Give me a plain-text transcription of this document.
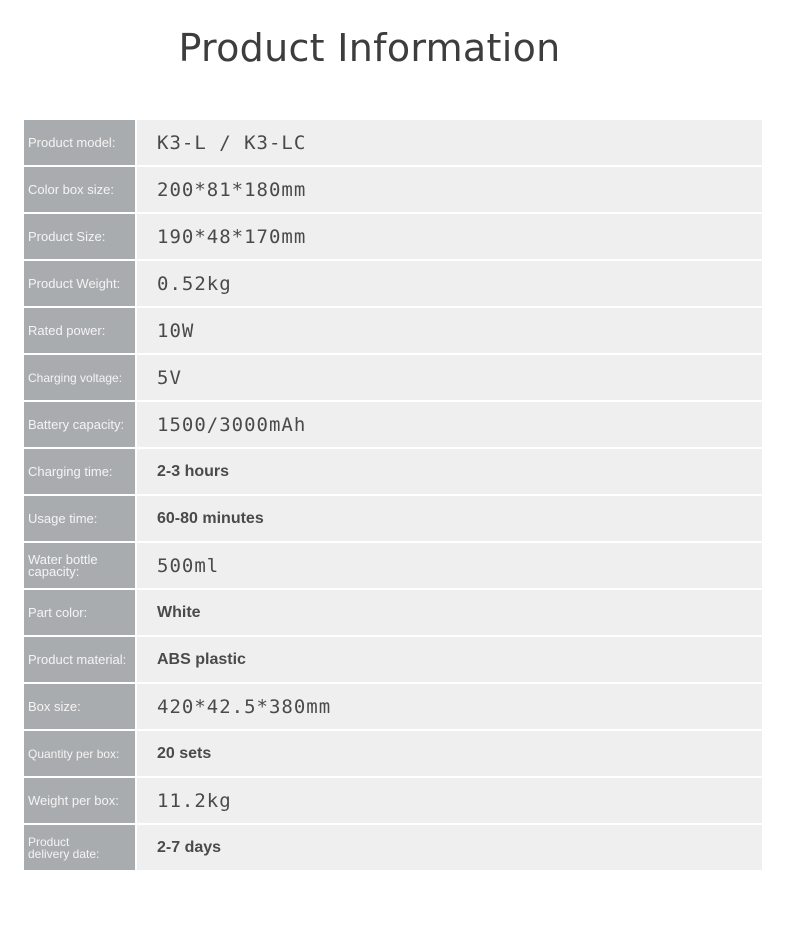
Product Information
Product model:	K3-L / K3-LC
Color box size:	200*81*180mm
Product Size:	190*48*170mm
Product Weight:	0.52kg
Rated power:	10W
Charging voltage:	5V
Battery capacity:	1500/3000mAh
Charging time:	2-3 hours
Usage time:	60-80 minutes
Water bottle
capacity:	500ml
Part color:	White
Product material:	ABS plastic
Box size:	420*42.5*380mm
Quantity per box:	20 sets
Weight per box:	11.2kg
Product
delivery date:	2-7 days
